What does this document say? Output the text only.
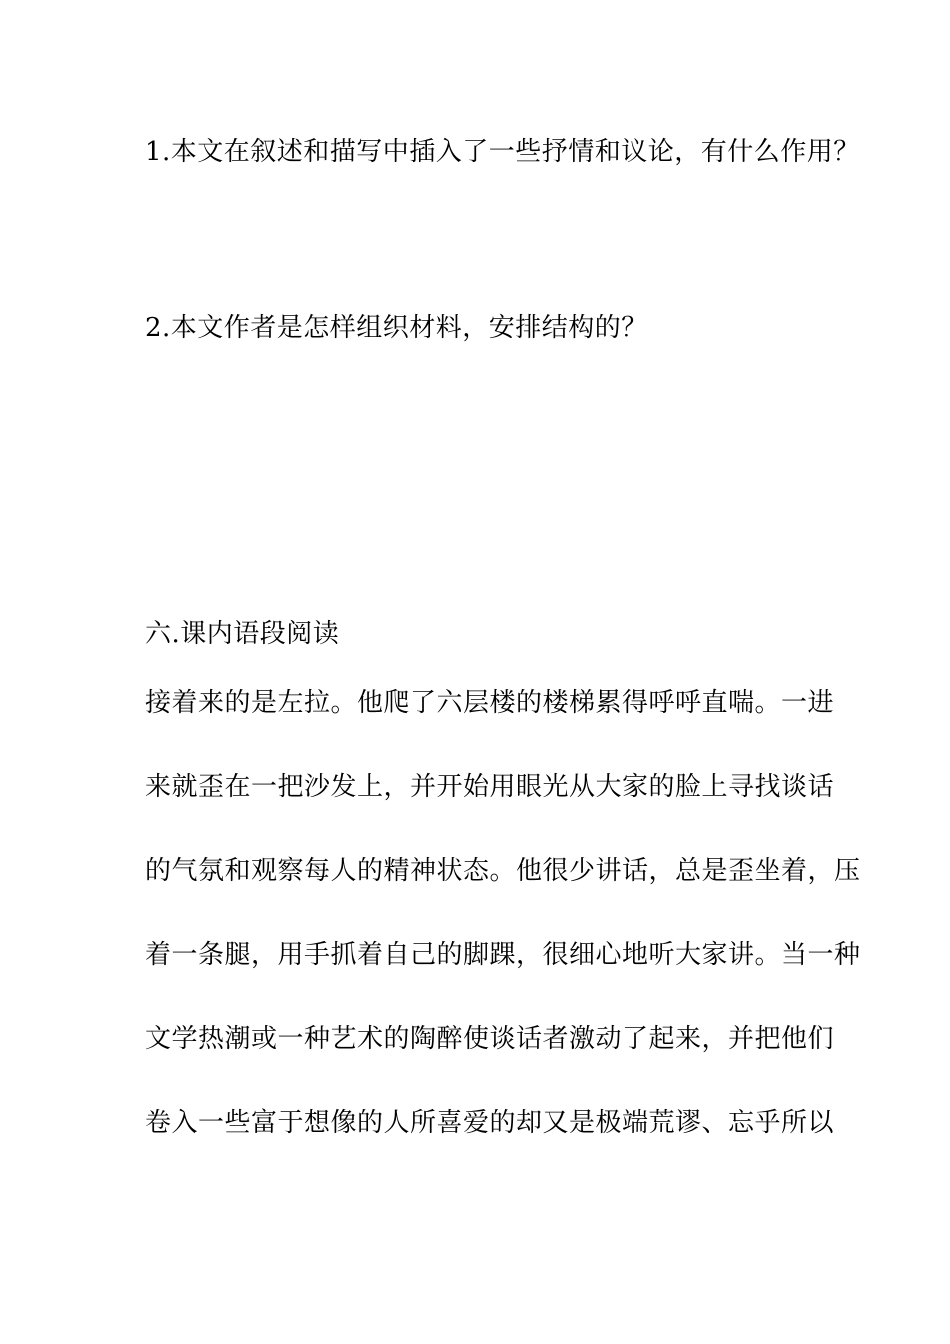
1.本文在叙述和描写中插入了一些抒情和议论，有什么作用？

2.本文作者是怎样组织材料，安排结构的？

六.课内语段阅读

接着来的是左拉。他爬了六层楼的楼梯累得呼呼直喘。一进

来就歪在一把沙发上，并开始用眼光从大家的脸上寻找谈话

的气氛和观察每人的精神状态。他很少讲话，总是歪坐着，压

着一条腿，用手抓着自己的脚踝，很细心地听大家讲。当一种

文学热潮或一种艺术的陶醉使谈话者激动了起来，并把他们

卷入一些富于想像的人所喜爱的却又是极端荒谬、忘乎所以
